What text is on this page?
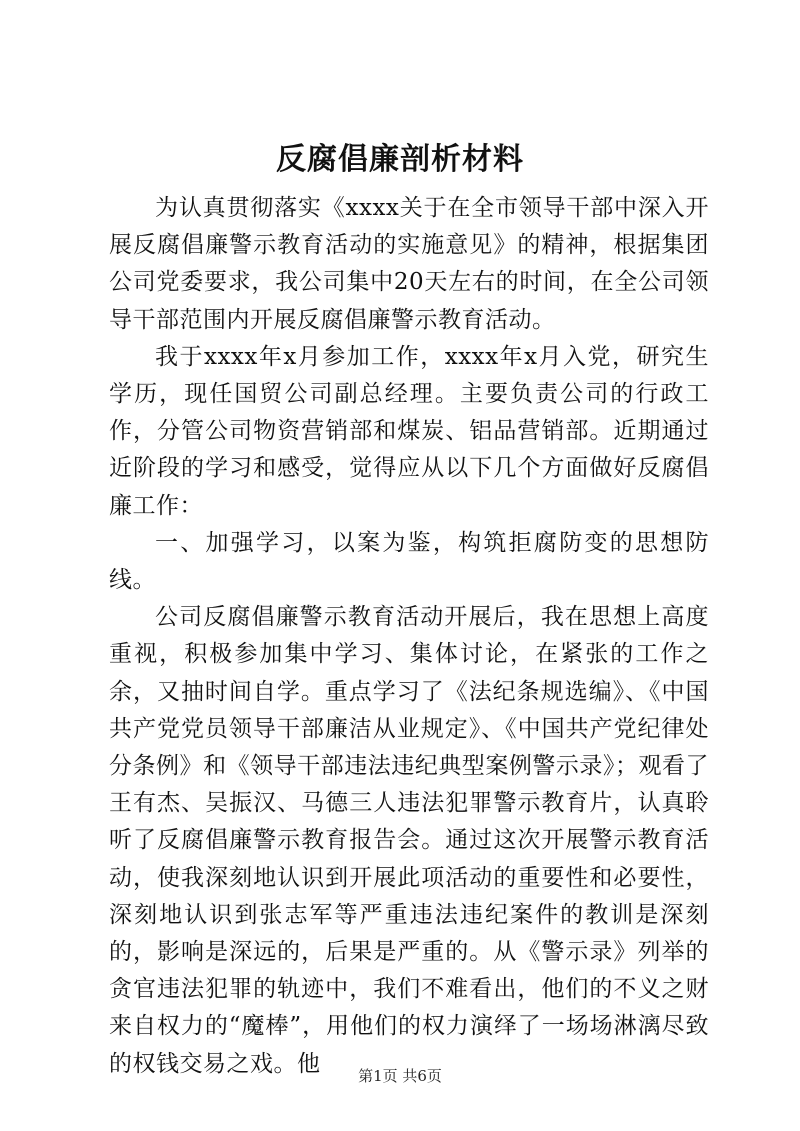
反腐倡廉剖析材料

为认真贯彻落实《xxxx关于在全市领导干部中深入开展反腐倡廉警示教育活动的实施意见》的精神，根据集团公司党委要求，我公司集中20天左右的时间，在全公司领导干部范围内开展反腐倡廉警示教育活动。

我于xxxx年x月参加工作，xxxx年x月入党，研究生学历，现任国贸公司副总经理。主要负责公司的行政工作，分管公司物资营销部和煤炭、铝品营销部。近期通过近阶段的学习和感受，觉得应从以下几个方面做好反腐倡廉工作：

一、加强学习，以案为鉴，构筑拒腐防变的思想防线。

公司反腐倡廉警示教育活动开展后，我在思想上高度重视，积极参加集中学习、集体讨论，在紧张的工作之余，又抽时间自学。重点学习了《法纪条规选编》、《中国共产党党员领导干部廉洁从业规定》、《中国共产党纪律处分条例》和《领导干部违法违纪典型案例警示录》；观看了王有杰、吴振汉、马德三人违法犯罪警示教育片，认真聆听了反腐倡廉警示教育报告会。通过这次开展警示教育活动，使我深刻地认识到开展此项活动的重要性和必要性，深刻地认识到张志军等严重违法违纪案件的教训是深刻的，影响是深远的，后果是严重的。从《警示录》列举的贪官违法犯罪的轨迹中，我们不难看出，他们的不义之财来自权力的“魔棒”，用他们的权力演绎了一场场淋漓尽致的权钱交易之戏。他	第1页 共6页
